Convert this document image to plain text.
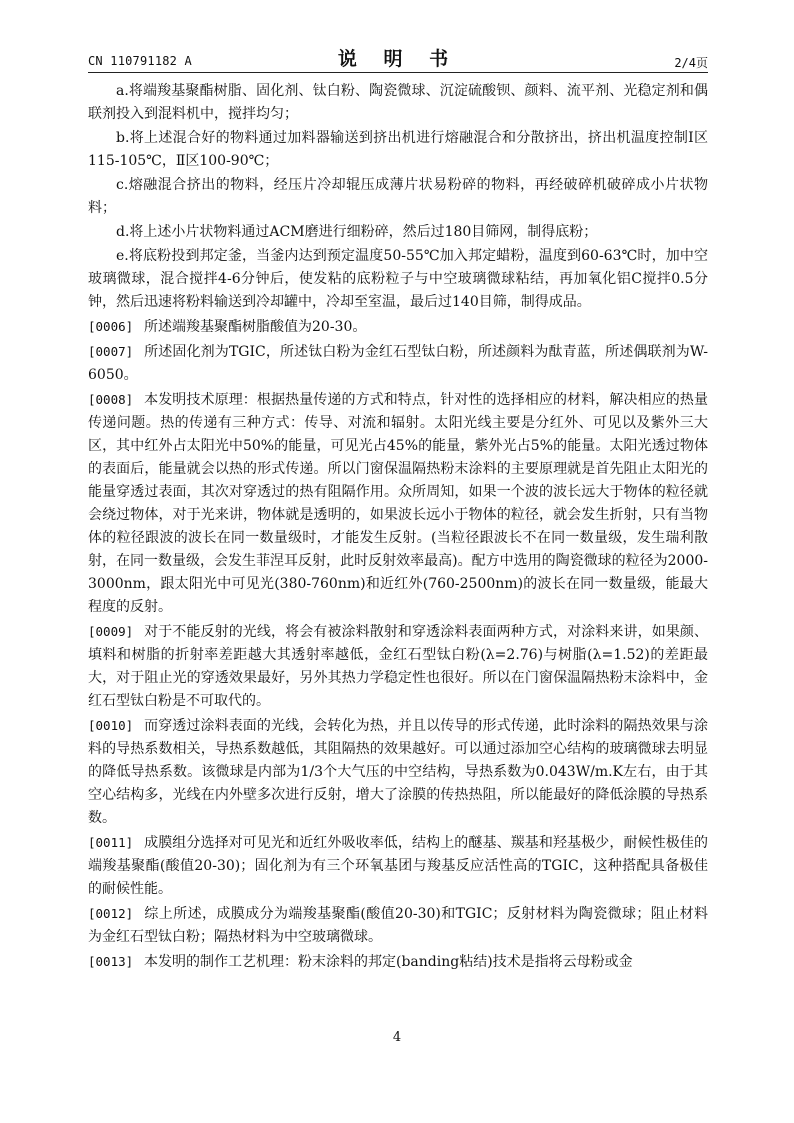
CN 110791182 A	说 明 书	2/4页

a.将端羧基聚酯树脂、固化剂、钛白粉、陶瓷微球、沉淀硫酸钡、颜料、流平剂、光稳定剂和偶联剂投入到混料机中，搅拌均匀；

b.将上述混合好的物料通过加料器输送到挤出机进行熔融混合和分散挤出，挤出机温度控制Ⅰ区115-105℃，Ⅱ区100-90℃；

c.熔融混合挤出的物料，经压片冷却辊压成薄片状易粉碎的物料，再经破碎机破碎成小片状物料；

d.将上述小片状物料通过ACM磨进行细粉碎，然后过180目筛网，制得底粉；

e.将底粉投到邦定釜，当釜内达到预定温度50-55℃加入邦定蜡粉，温度到60-63℃时，加中空玻璃微球，混合搅拌4-6分钟后，使发粘的底粉粒子与中空玻璃微球粘结，再加氧化铝C搅拌0.5分钟，然后迅速将粉料输送到冷却罐中，冷却至室温，最后过140目筛，制得成品。

[0006] 所述端羧基聚酯树脂酸值为20-30。

[0007] 所述固化剂为TGIC，所述钛白粉为金红石型钛白粉，所述颜料为酞青蓝，所述偶联剂为W-6050。

[0008] 本发明技术原理：根据热量传递的方式和特点，针对性的选择相应的材料，解决相应的热量传递问题。热的传递有三种方式：传导、对流和辐射。太阳光线主要是分红外、可见以及紫外三大区，其中红外占太阳光中50%的能量，可见光占45%的能量，紫外光占5%的能量。太阳光透过物体的表面后，能量就会以热的形式传递。所以门窗保温隔热粉末涂料的主要原理就是首先阻止太阳光的能量穿透过表面，其次对穿透过的热有阻隔作用。众所周知，如果一个波的波长远大于物体的粒径就会绕过物体，对于光来讲，物体就是透明的，如果波长远小于物体的粒径，就会发生折射，只有当物体的粒径跟波的波长在同一数量级时，才能发生反射。(当粒径跟波长不在同一数量级，发生瑞利散射，在同一数量级，会发生菲涅耳反射，此时反射效率最高)。配方中选用的陶瓷微球的粒径为2000-3000nm，跟太阳光中可见光(380-760nm)和近红外(760-2500nm)的波长在同一数量级，能最大程度的反射。

[0009] 对于不能反射的光线，将会有被涂料散射和穿透涂料表面两种方式，对涂料来讲，如果颜、填料和树脂的折射率差距越大其透射率越低，金红石型钛白粉(λ=2.76)与树脂(λ=1.52)的差距最大，对于阻止光的穿透效果最好，另外其热力学稳定性也很好。所以在门窗保温隔热粉末涂料中，金红石型钛白粉是不可取代的。

[0010] 而穿透过涂料表面的光线，会转化为热，并且以传导的形式传递，此时涂料的隔热效果与涂料的导热系数相关，导热系数越低，其阻隔热的效果越好。可以通过添加空心结构的玻璃微球去明显的降低导热系数。该微球是内部为1/3个大气压的中空结构，导热系数为0.043W/m.K左右，由于其空心结构多，光线在内外壁多次进行反射，增大了涂膜的传热热阻，所以能最好的降低涂膜的导热系数。

[0011] 成膜组分选择对可见光和近红外吸收率低，结构上的醚基、羰基和羟基极少，耐候性极佳的端羧基聚酯(酸值20-30)；固化剂为有三个环氧基团与羧基反应活性高的TGIC，这种搭配具备极佳的耐候性能。

[0012] 综上所述，成膜成分为端羧基聚酯(酸值20-30)和TGIC；反射材料为陶瓷微球；阻止材料为金红石型钛白粉；隔热材料为中空玻璃微球。

[0013] 本发明的制作工艺机理：粉末涂料的邦定(banding粘结)技术是指将云母粉或金

4
